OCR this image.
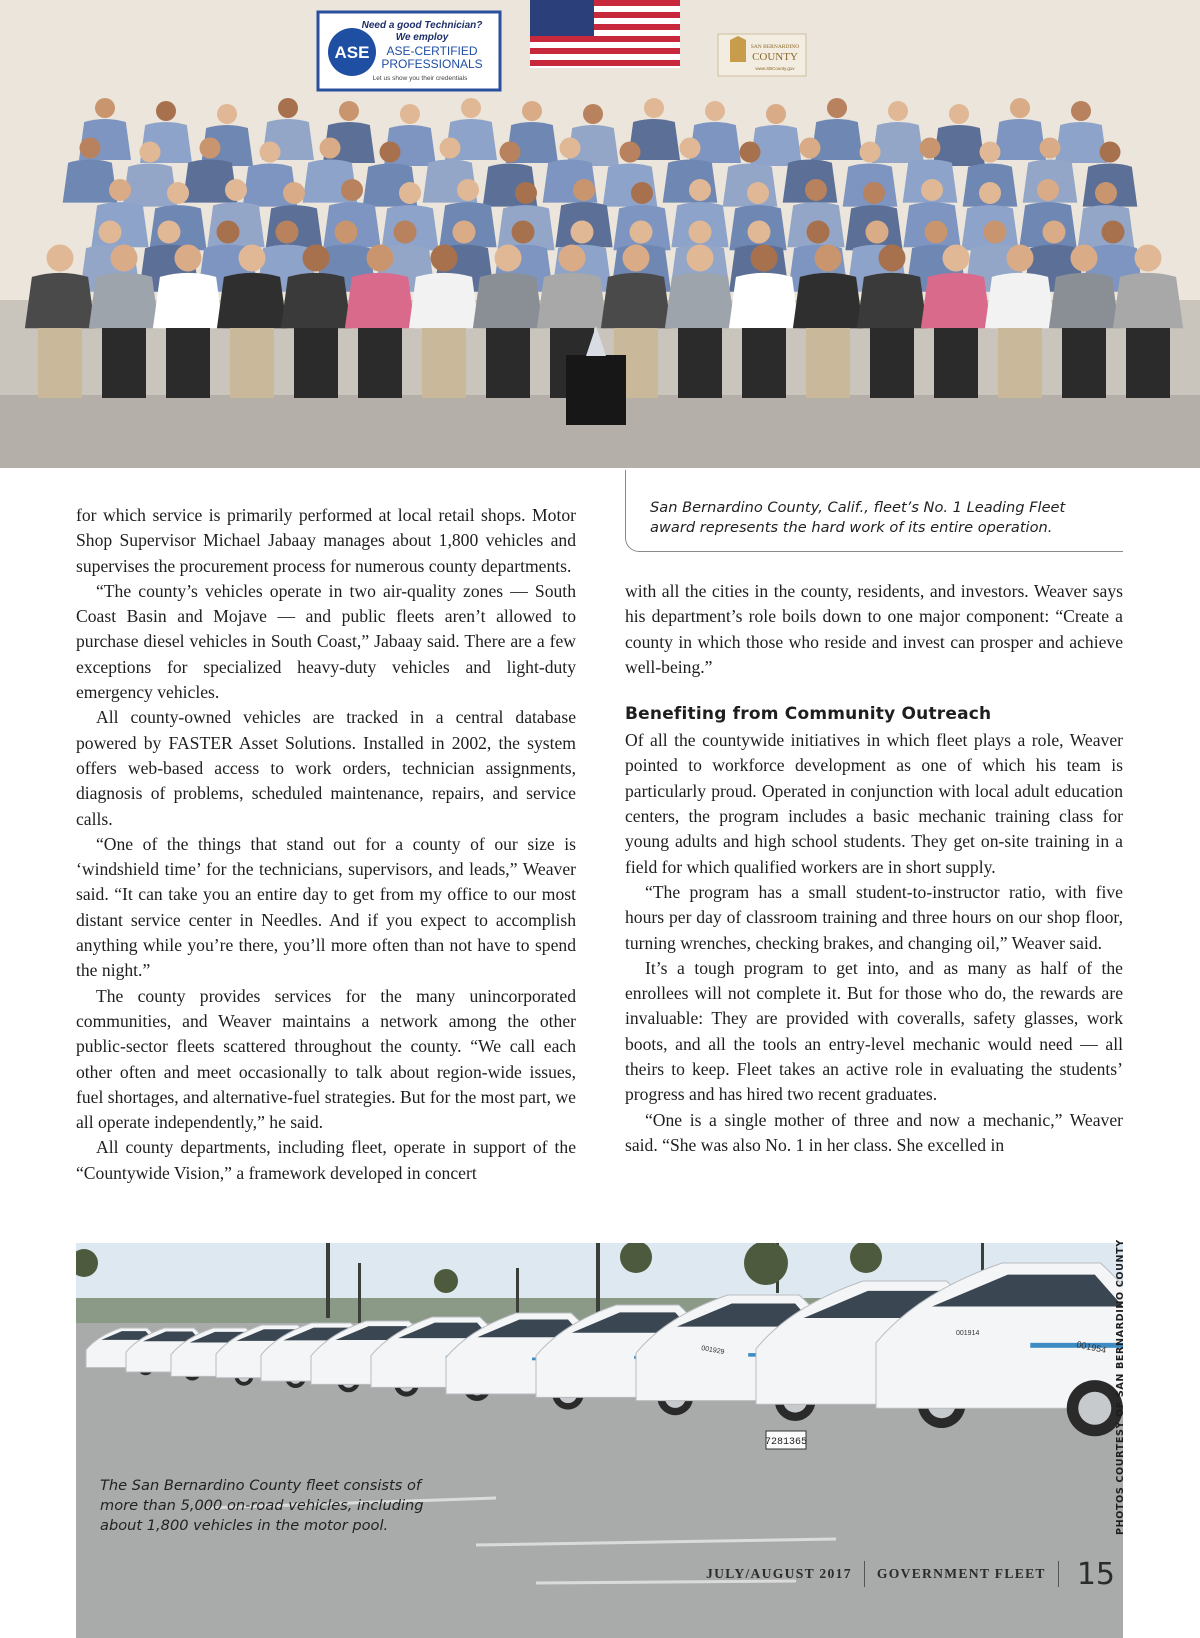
ASE
Need a good Technician?
We employ
ASE-CERTIFIED
PROFESSIONALS
Let us show you their credentials
SAN BERNARDINO
COUNTY
www.SBCounty.gov
San Bernardino County, Calif., fleet’s No. 1 Leading Fleet award represents the hard work of its entire operation.

for which service is primarily performed at local retail shops. Motor Shop Supervisor Michael Jabaay manages about 1,800 vehicles and supervises the procurement process for numerous county departments.

“The county’s vehicles operate in two air-quality zones — South Coast Basin and Mojave — and public fleets aren’t allowed to purchase diesel vehicles in South Coast,” Jabaay said. There are a few exceptions for specialized heavy-duty vehicles and light-duty emergency vehicles.

All county-owned vehicles are tracked in a central database powered by FASTER Asset Solutions. Installed in 2002, the system offers web-based access to work orders, technician assignments, diagnosis of problems, scheduled maintenance, repairs, and service calls.

“One of the things that stand out for a county of our size is ‘windshield time’ for the technicians, supervisors, and leads,” Weaver said. “It can take you an entire day to get from my office to our most distant service center in Needles. And if you expect to accomplish anything while you’re there, you’ll more often than not have to spend the night.”

The county provides services for the many unincorporated communities, and Weaver maintains a network among the other public-sector fleets scattered throughout the county. “We call each other often and meet occasionally to talk about region-wide issues, fuel shortages, and alternative-fuel strategies. But for the most part, we all operate independently,” he said.

All county departments, including fleet, operate in support of the “Countywide Vision,” a framework developed in concert

with all the cities in the county, residents, and investors. Weaver says his department’s role boils down to one major component: “Create a county in which those who reside and invest can prosper and achieve well-being.”

Benefiting from Community Outreach

Of all the countywide initiatives in which fleet plays a role, Weaver pointed to workforce development as one of which his team is particularly proud. Operated in conjunction with local adult education centers, the program includes a basic mechanic training class for young adults and high school students. They get on-site training in a field for which qualified workers are in short supply.

“The program has a small student-to-instructor ratio, with five hours per day of classroom training and three hours on our shop floor, turning wrenches, checking brakes, and changing oil,” Weaver said.

It’s a tough program to get into, and as many as half of the enrollees will not complete it. But for those who do, the rewards are invaluable: They are provided with coveralls, safety glasses, work boots, and all the tools an entry-level mechanic would need — all theirs to keep. Fleet takes an active role in evaluating the students’ progress and has hired two recent graduates.

“One is a single mother of three and now a mechanic,” Weaver said. “She was also No. 1 in her class. She excelled in

001954
001929
001914
7281365
The San Bernardino County fleet consists of more than 5,000 on-road vehicles, including about 1,800 vehicles in the motor pool.	PHOTOS COURTESY OF SAN BERNARDINO COUNTY
JULY/AUGUST 2017 GOVERNMENT FLEET 15
